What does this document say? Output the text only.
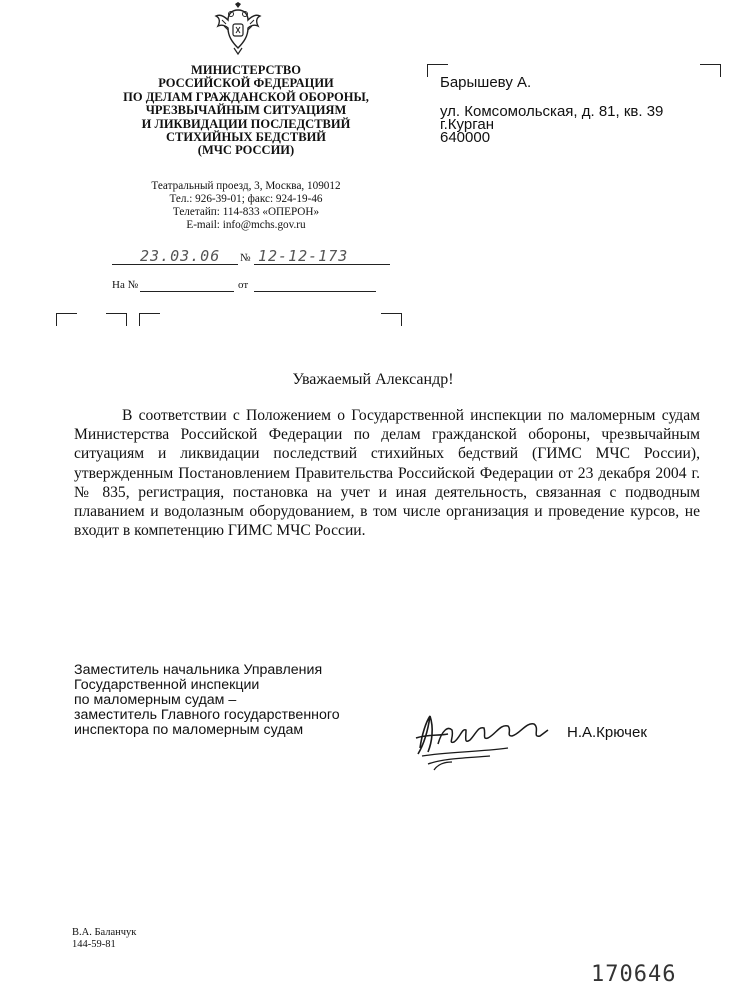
МИНИСТЕРСТВО
РОССИЙСКОЙ ФЕДЕРАЦИИ
ПО ДЕЛАМ ГРАЖДАНСКОЙ ОБОРОНЫ,
ЧРЕЗВЫЧАЙНЫМ СИТУАЦИЯМ
И ЛИКВИДАЦИИ ПОСЛЕДСТВИЙ
СТИХИЙНЫХ БЕДСТВИЙ
(МЧС РОССИИ)
Театральный проезд, 3, Москва, 109012
Тел.: 926-39-01; факс: 924-19-46
Телетайп: 114-833 «ОПЕРОН»
E-mail: info@mchs.gov.ru
23.03.06 № 12-12-173
На №	от
Барышеву А.
ул. Комсомольская, д. 81, кв. 39
г.Курган
640000
Уважаемый Александр!
В соответствии с Положением о Государственной инспекции по маломерным судам Министерства Российской Федерации по делам гражданской обороны, чрезвычайным ситуациям и ликвидации последствий стихийных бедствий (ГИМС МЧС России), утвержденным Постановлением Правительства Российской Федерации от 23 декабря 2004 г. № 835, регистрация, постановка на учет и иная деятельность, связанная с подводным плаванием и водолазным оборудованием, в том числе организация и проведение курсов, не входит в компетенцию ГИМС МЧС России.
Заместитель начальника Управления
Государственной инспекции
по маломерным судам –
заместитель Главного государственного
инспектора по маломерным судам	Н.А.Крючек
В.А. Баланчук
144-59-81
170646
